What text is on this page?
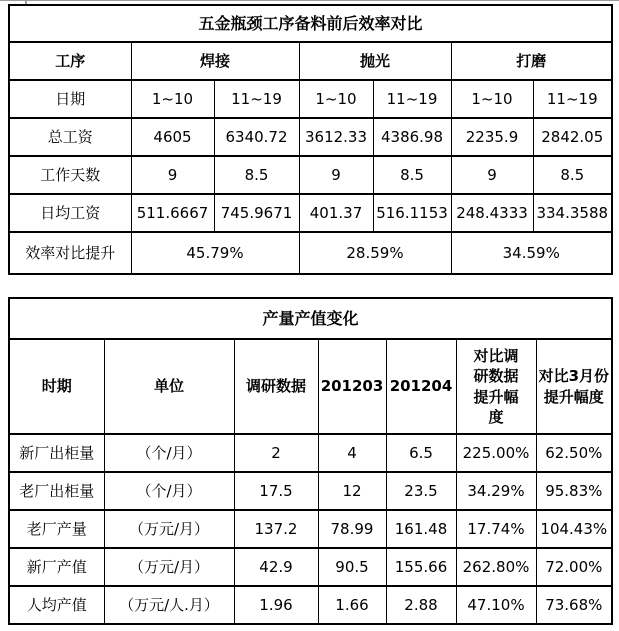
五金瓶颈工序备料前后效率对比						
工序	焊接		抛光		打磨	
日期	1~10	11~19	1~10	11~19	1~10	11~19
总工资	4605	6340.72	3612.33	4386.98	2235.9	2842.05
工作天数	9	8.5	9	8.5	9	8.5
日均工资	511.6667	745.9671	401.37	516.1153	248.4333	334.3588
效率对比提升	45.79%		28.59%		34.59%	
产量产值变化						
时期	单位	调研数据	201203	201204	对比调研数据提升幅度	对比3月份提升幅度
新厂出柜量	（个/月）	2	4	6.5	225.00%	62.50%
老厂出柜量	（个/月）	17.5	12	23.5	34.29%	95.83%
老厂产量	（万元/月）	137.2	78.99	161.48	17.74%	104.43%
新厂产值	（万元/月）	42.9	90.5	155.66	262.80%	72.00%
人均产值	（万元/人.月）	1.96	1.66	2.88	47.10%	73.68%
